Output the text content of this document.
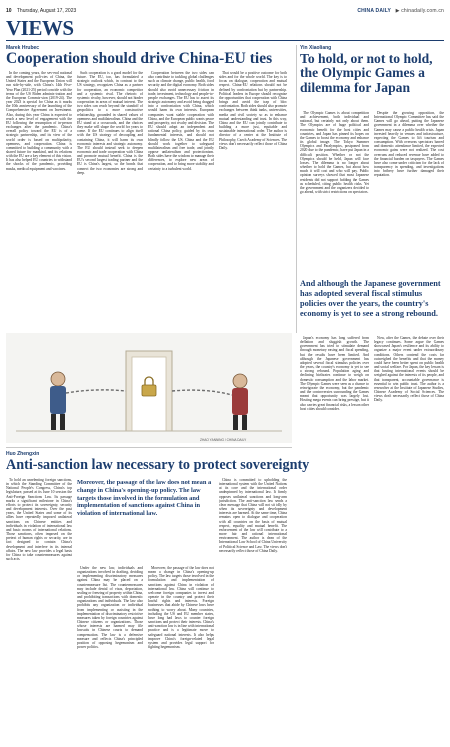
10 Thursday, August 17, 2023	CHINA DAILY ▶ chinadaily.com.cn
VIEWS
Marek Hrubec
Cooperation should drive China-EU ties

In the coming years, the sev-eral national and development poli-cies of China, the United States and the European Union will run side-by-side, with China's 14th Five-Year Plan (2021-25) period concide with the terms of the US Biden adminis-tration and the European Commis-sion (2019-24). The year 2023 is special for China as it marks the 10th anniversary of the launching of the Comprehensive Agreement on Investment. Also, during this year China is expected to reach a new level of engagement with the EU following the resumption of in-person exchanges after the pandemic. China's overall policy toward the EU is of a strategic partnership, and its view of the world order is based on multipolarity, openness, and cooperation. China is committed to building a community with a shared future for mankind, and its relations with the EU are a key element of this vision. It has also helped EU countries to withstand the shocks of the pandemic, providing masks, medical equipment and vaccines.

Such cooperation is a good model for the future. The EU, too, has formulated a strategic outlook which, in contrast to the US strategy, recognizes China as a partner for cooperation, an economic competitor and a systemic rival. The rhetoric of systemic rivalry, however, should not hinder cooperation in areas of mutual interest. The two sides can reach beyond the standoff of geopolitics to a more constructive relationship, grounded in shared values of openness and multilateralism. China and the EU stand at a crossroads, and the choices they make will shape the world for years to come. If the EU continues to align itself with the US strategy of decoupling and containing China, it will harm its own economic interests and strategic autonomy. The EU should instead seek to deepen economic and trade cooperation with China and promote mutual benefit. China is the EU's second largest trading partner and the EU is China's largest, so the bonds that connect the two economies are strong and deep.

Cooperation between the two sides can also contribute to tackling global challenges such as climate change, public health, food security and the digital economy. Both sides should also avoid unnecessary friction in trade, investment, technology and people-to-people exchanges. The EU has to assert its strategic autonomy and avoid being dragged into a confrontation with China, which would harm its own interests. European companies want stable cooperation with China, and the European public wants peace and prosperity, not rivalry and division. The EU should adopt an independent and rational China policy, guided by its own fundamental interests, and should not blindly follow the US. China and the EU should work together to safeguard multilateralism and free trade, and jointly oppose unilateralism and protectionism. Both sides have the wisdom to manage their differences, to explore new areas of cooperation, and to bring more stability and certainty to a turbulent world.

That would be a positive outcome for both sides and for the whole world. The key is to focus on dialogue, cooperation and mutual respect. China-EU relations should not be defined by confrontation but by partnership. Political leaders in Europe should recognize the opportunities that cooperation with China brings and avoid the trap of bloc confrontation. Both sides should also promote exchanges between think tanks, universities, media and civil society so as to enhance mutual understanding and trust. In this way, China and the EU can jointly contribute to building a more just, equitable and sustainable international order. The author is director of a center at the Institute of Philosophy, Czech Academy of Sciences. The views don't necessarily reflect those of China Daily.

Yin Xiaoliang
To hold, or not to hold, the Olympic Games a dilemma for Japan

The Olympic Games is about competition and achievement, both individual and national, but certainly not only about them. The Olympics are of huge political and economic benefit for the host cities and countries, and Japan has pinned its hopes on the Games to boost the economy and enhance its global image. The Tokyo Summer Olympics and Paralympics, postponed from 2020 due to the pandemic, have put Japan in a difficult position. Whether or not the Olympics should be held, Japan will face losses. The dilemma is no longer about whether to hold the Games, but about how much it will cost and who will pay. Public opinion surveys showed that most Japanese residents did not support holding the Games as scheduled, citing public health risks. Yet the government and the organizers decided to go ahead, with strict restrictions on spectators.

Despite the growing opposition, the International Olympic Committee has said the Games will go ahead, putting the Japanese government in a dilemma over whether the Games may cause a public health crisis. Japan invested heavily in venues and infrastructure, expecting the Games to lift tourism and consumption. With overseas spectators barred and domestic attendance limited, the expected economic gains were not realized. The cost overruns and reduced revenue have added to the financial burden on taxpayers. The Games have also come under criticism for the lack of transparency in spending, and investigations into bribery have further damaged their reputation.

And although the Japanese government has adopted several fiscal stimulus policies over the years, the country's economy is yet to see a strong rebound.

Japan's economy has long suffered from deflation and sluggish growth. The government has tried to stimulate demand through monetary easing and fiscal spending, but the results have been limited. And although the Japanese government has adopted several fiscal stimulus policies over the years, the country's economy is yet to see a strong rebound. Population aging and declining birthrates continue to weigh on domestic consumption and the labor market. The Olympic Games were seen as a chance to reinvigorate the economy, but the pandemic and the controversies surrounding the Games meant that opportunity was largely lost. Hosting mega events can bring prestige, but it also carries great financial risks, a lesson other host cities should consider.

Now, after the Games, the debate over their legacy continues. Some argue the Games showcased Japan's resilience and its ability to organize a major event under extraordinary conditions. Others contend the costs far outweighed the benefits and that the money could have been better spent on public health and social welfare. For Japan, the key lesson is that hosting international events should be weighed against the interests of its people, and that transparent, accountable governance is essential to win public trust. The author is a researcher at the Institute of Japanese Studies, Chinese Academy of Social Sciences. The views don't necessarily reflect those of China Daily.

ZHAO YANNING / CHINA DAILY
Huo Zhengxin
Anti-sanction law necessary to protect sovereignty

To hold an unrelenting foreign sanctions, in which the Standing Committee of the National People's Congress, China's top legislature, passed at its June 10 session the Anti-Foreign Sanctions Law. Its passage marks a significant milestone in China's efforts to protect its sovereignty, security and development interests. Over the past years, the United States and some of its allies have repeatedly imposed unilateral sanctions on Chinese entities and individuals in violation of international law and basic norms of international relations. Those sanctions, often imposed on the pretext of human rights or security, are in fact designed to contain China's development and interfere in its internal affairs. The new law provides a legal basis for China to take countermeasures against such acts.

Moreover, the passage of the law does not mean a change in China's opening-up policy. The law targets those involved in the formulation and implementation of sanctions against China in violation of international law.

Under the new law, individuals and organizations involved in drafting, deciding or implementing discriminatory measures against China may be placed on a countermeasure list. The countermeasures may include denial of visas, deportation, sealing or freezing of property within China, and prohibiting transactions with domestic organizations and individuals. The law also prohibits any organization or individual from implementing or assisting in the implementation of discriminatory restrictive measures taken by foreign countries against Chinese citizens or organizations. Those whose interests are harmed may file lawsuits in Chinese courts to demand compensation. The law is a defensive measure and reflects China's principled position of opposing hegemonism and power politics.

Moreover, the passage of the law does not mean a change in China's opening-up policy. The law targets those involved in the formulation and implementation of sanctions against China in violation of international law. China will continue to welcome foreign companies to invest and operate in the country and protect their lawful rights and interests. Foreign businesses that abide by Chinese laws have nothing to worry about. Many countries, including the US and EU member states, have long had laws to counter foreign sanctions and protect their interests. China's anti-sanction law is in line with international practice and is a legitimate move to safeguard national interests. It also helps improve China's foreign-related legal system and provides legal support for fighting hegemonism.

China is committed to upholding the international system with the United Nations at its core and the international order underpinned by international law. It firmly opposes unilateral sanctions and long-arm jurisdiction. The anti-sanction law sends a clear message that China will not sit idly by when its sovereignty and development interests are harmed. At the same time, China remains open to dialogue and cooperation with all countries on the basis of mutual respect, equality and mutual benefit. The enforcement of the law will contribute to a more fair and rational international environment. The author is dean of the International Law School of China University of Political Science and Law. The views don't necessarily reflect those of China Daily.
